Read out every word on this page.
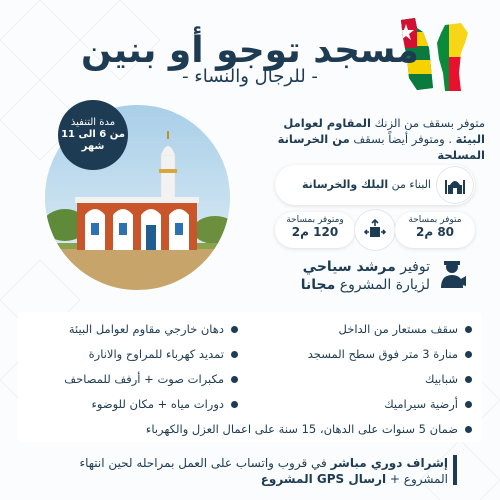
مسجد توجو أو بنين
- للرجال والنساء -
مدة التنفيذ
من 6 الى 11
شهر
متوفر بسقف من الزنك المقاوم لعوامل البيئة . ومتوفر أيضاً بسقف من الخرسانة المسلحة
البناء من البلك والخرسانة
ومتوفر بمساحة
120 م2
متوفر بمساحة
80 م2
توفير مرشد سياحي لزيارة المشروع مجانا
سقف مستعار من الداخل
منارة 3 متر فوق سطح المسجد
شبابيك
أرضية سيراميك
دهان خارجي مقاوم لعوامل البيئة
تمديد كهرباء للمراوح والانارة
مكبرات صوت + أرفف للمصاحف
دورات مياه + مكان للوضوء
ضمان 5 سنوات على الدهان، 15 سنة على اعمال العزل والكهرباء
إشراف دوري مباشر في قروب واتساب على العمل بمراحله لحين انتهاء المشروع + ارسال GPS المشروع
